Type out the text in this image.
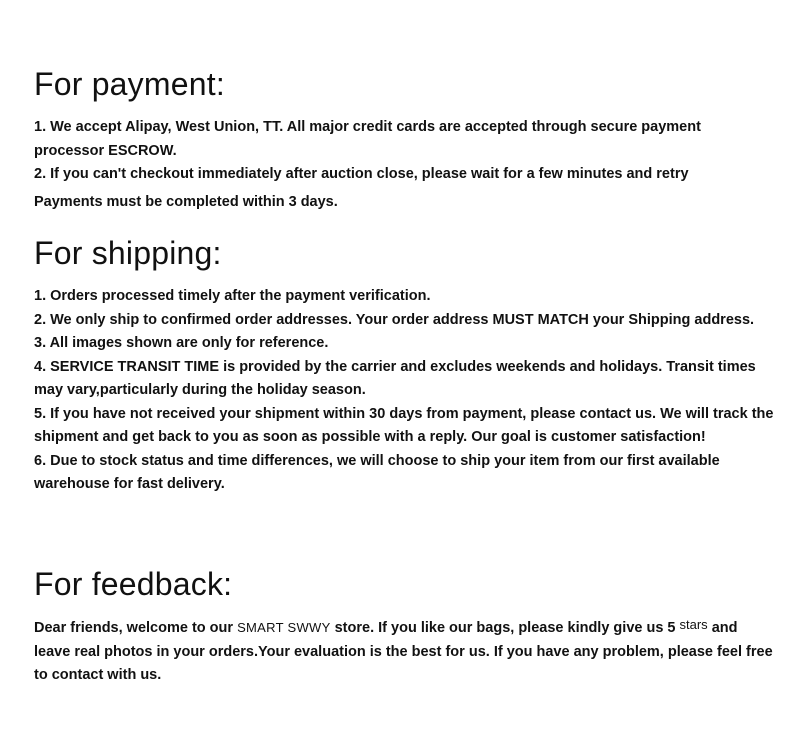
For payment:

1. We accept Alipay, West Union, TT. All major credit cards are accepted through secure payment processor ESCROW.

2. If you can't checkout immediately after auction close, please wait for a few minutes and retry

Payments must be completed within 3 days.

For shipping:

1. Orders processed timely after the payment verification.

2. We only ship to confirmed order addresses. Your order address MUST MATCH your Shipping address.

3. All images shown are only for reference.

4. SERVICE TRANSIT TIME is provided by the carrier and excludes weekends and holidays. Transit times may vary,particularly during the holiday season.

5. If you have not received your shipment within 30 days from payment, please contact us. We will track the shipment and get back to you as soon as possible with a reply. Our goal is customer satisfaction!

6. Due to stock status and time differences, we will choose to ship your item from our first available warehouse for fast delivery.

For feedback:

Dear friends, welcome to our SMART SWWY store. If you like our bags, please kindly give us 5 stars and leave real photos in your orders.Your evaluation is the best for us. If you have any problem, please feel free to contact with us.
